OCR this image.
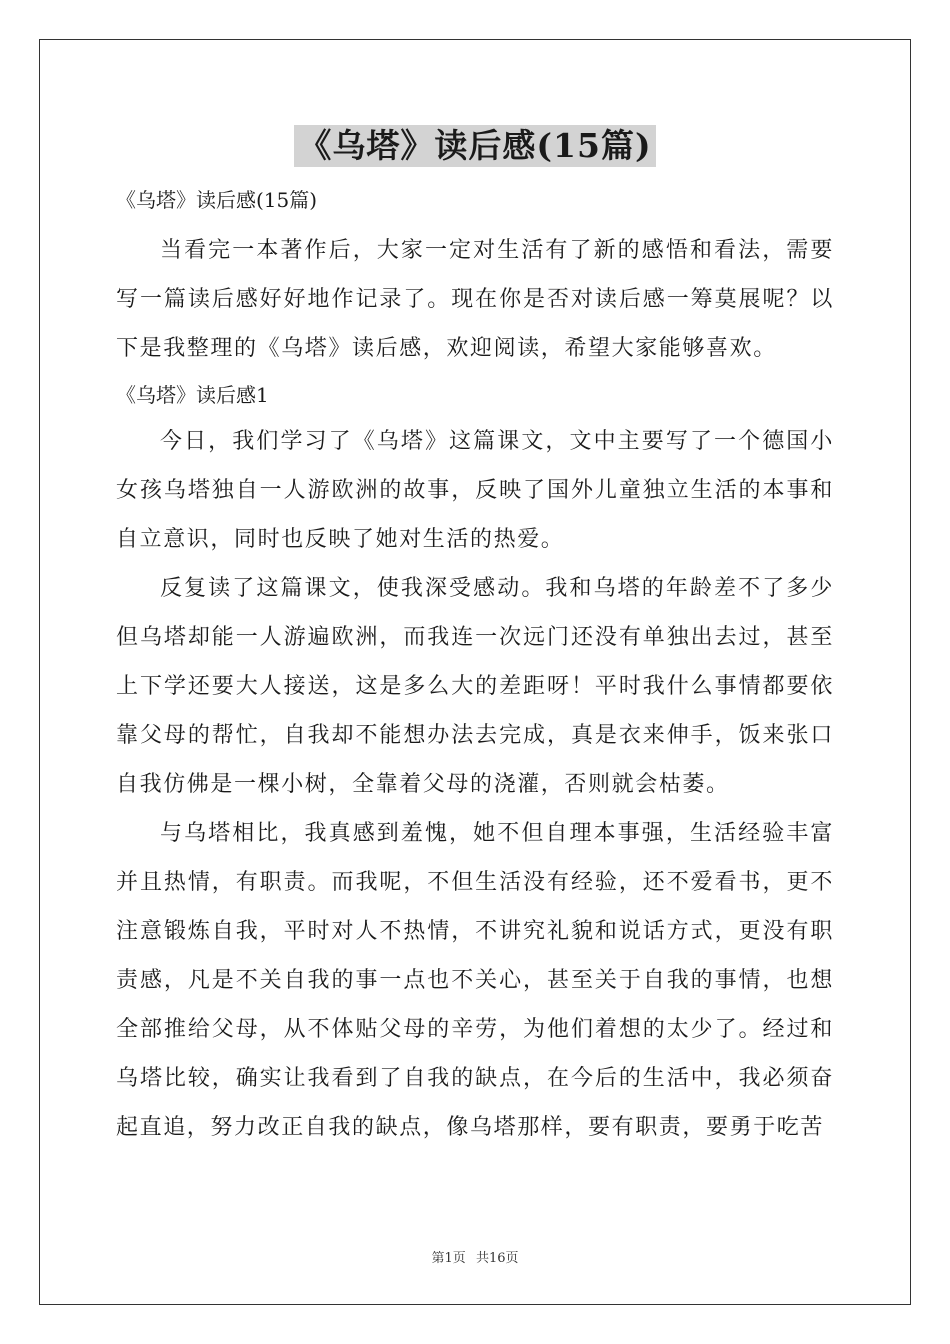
《乌塔》读后感(15篇)

《乌塔》读后感(15篇)

当看完一本著作后，大家一定对生活有了新的感悟和看法，需要写一篇读后感好好地作记录了。现在你是否对读后感一筹莫展呢？以下是我整理的《乌塔》读后感，欢迎阅读，希望大家能够喜欢。

《乌塔》读后感1

今日，我们学习了《乌塔》这篇课文，文中主要写了一个德国小女孩乌塔独自一人游欧洲的故事，反映了国外儿童独立生活的本事和自立意识，同时也反映了她对生活的热爱。

反复读了这篇课文，使我深受感动。我和乌塔的年龄差不了多少但乌塔却能一人游遍欧洲，而我连一次远门还没有单独出去过，甚至上下学还要大人接送，这是多么大的差距呀！平时我什么事情都要依靠父母的帮忙，自我却不能想办法去完成，真是衣来伸手，饭来张口自我仿佛是一棵小树，全靠着父母的浇灌，否则就会枯萎。

与乌塔相比，我真感到羞愧，她不但自理本事强，生活经验丰富并且热情，有职责。而我呢，不但生活没有经验，还不爱看书，更不注意锻炼自我，平时对人不热情，不讲究礼貌和说话方式，更没有职责感，凡是不关自我的事一点也不关心，甚至关于自我的事情，也想全部推给父母，从不体贴父母的辛劳，为他们着想的太少了。经过和乌塔比较，确实让我看到了自我的缺点，在今后的生活中，我必须奋起直追，努力改正自我的缺点，像乌塔那样，要有职责，要勇于吃苦

第1页 共16页
